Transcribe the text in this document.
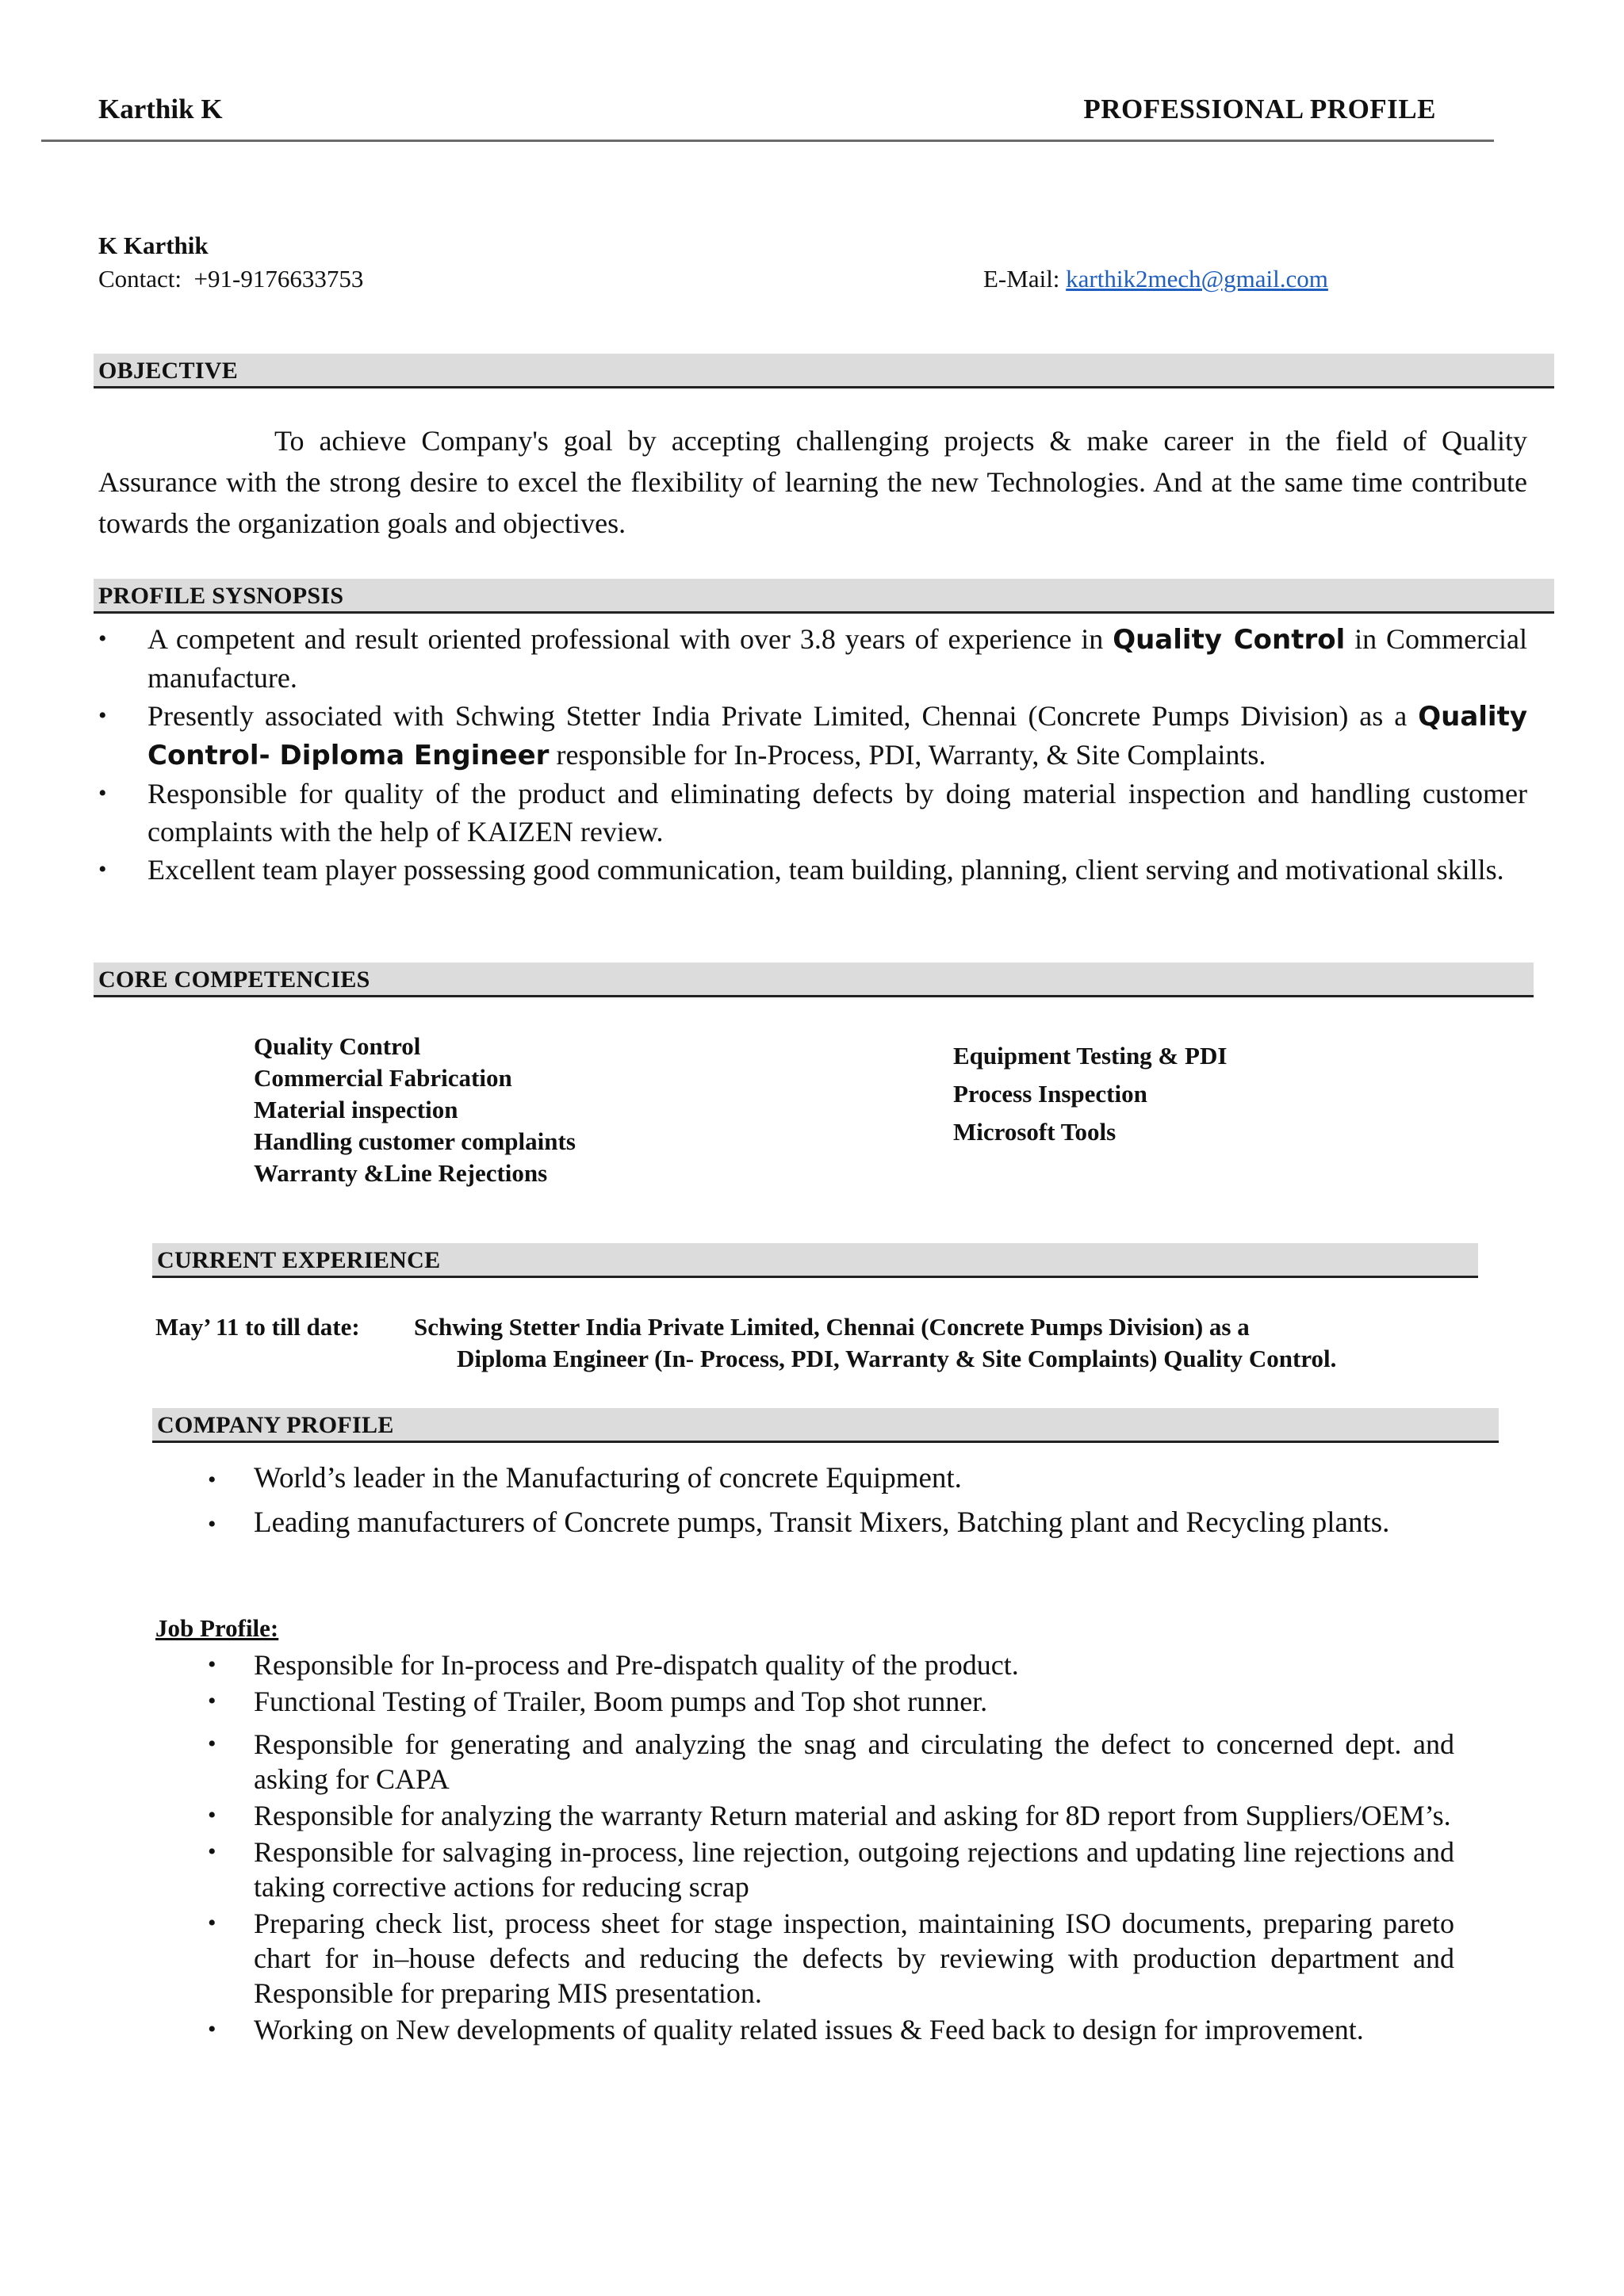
Karthik K	PROFESSIONAL PROFILE
K Karthik
Contact: +91-9176633753	E-Mail: karthik2mech@gmail.com
OBJECTIVE
To achieve Company's goal by accepting challenging projects & make career in the field of Quality Assurance with the strong desire to excel the flexibility of learning the new Technologies. And at the same time contribute towards the organization goals and objectives.
PROFILE SYSNOPSIS
• A competent and result oriented professional with over 3.8 years of experience in Quality Control in Commercial manufacture.
• Presently associated with Schwing Stetter India Private Limited, Chennai (Concrete Pumps Division) as a Quality Control- Diploma Engineer responsible for In-Process, PDI, Warranty, & Site Complaints.
• Responsible for quality of the product and eliminating defects by doing material inspection and handling customer complaints with the help of KAIZEN review.
• Excellent team player possessing good communication, team building, planning, client serving and motivational skills.
CORE COMPETENCIES
Quality Control
Commercial Fabrication
Material inspection
Handling customer complaints
Warranty &Line Rejections
Equipment Testing & PDI
Process Inspection
Microsoft Tools
CURRENT EXPERIENCE
May’ 11 to till date: Schwing Stetter India Private Limited, Chennai (Concrete Pumps Division) as a
Diploma Engineer (In- Process, PDI, Warranty & Site Complaints) Quality Control.
COMPANY PROFILE
• World’s leader in the Manufacturing of concrete Equipment.
• Leading manufacturers of Concrete pumps, Transit Mixers, Batching plant and Recycling plants.
Job Profile:
• Responsible for In-process and Pre-dispatch quality of the product.
• Functional Testing of Trailer, Boom pumps and Top shot runner.
• Responsible for generating and analyzing the snag and circulating the defect to concerned dept. and asking for CAPA
• Responsible for analyzing the warranty Return material and asking for 8D report from Suppliers/OEM’s.
• Responsible for salvaging in-process, line rejection, outgoing rejections and updating line rejections and taking corrective actions for reducing scrap
• Preparing check list, process sheet for stage inspection, maintaining ISO documents, preparing pareto chart for in–house defects and reducing the defects by reviewing with production department and Responsible for preparing MIS presentation.
• Working on New developments of quality related issues & Feed back to design for improvement.
